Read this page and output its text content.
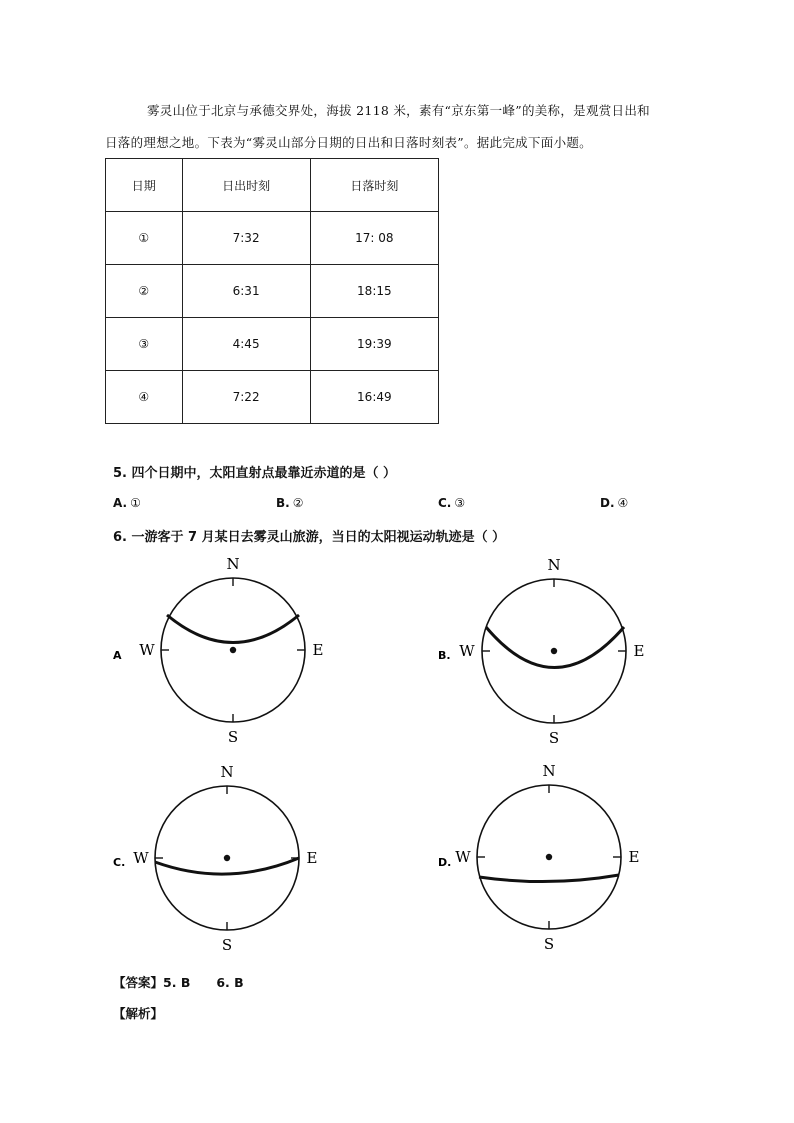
雾灵山位于北京与承德交界处，海拔 2118 米，素有“京东第一峰”的美称，是观赏日出和
日落的理想之地。下表为“雾灵山部分日期的日出和日落时刻表”。据此完成下面小题。
日期	日出时刻	日落时刻
①	7:32	17: 08
②	6:31	18:15
③	4:45	19:39
④	7:22	16:49
5. 四个日期中，太阳直射点最靠近赤道的是（ ）
A. ①	B. ②	C. ③	D. ④
6. 一游客于 7 月某日去雾灵山旅游，当日的太阳视运动轨迹是（ ）
N
S
W	E
A
N
S
W	E
B.
N
S
W	E
C.
N
S
W	E
D.
【答案】5. B 6. B
【解析】
